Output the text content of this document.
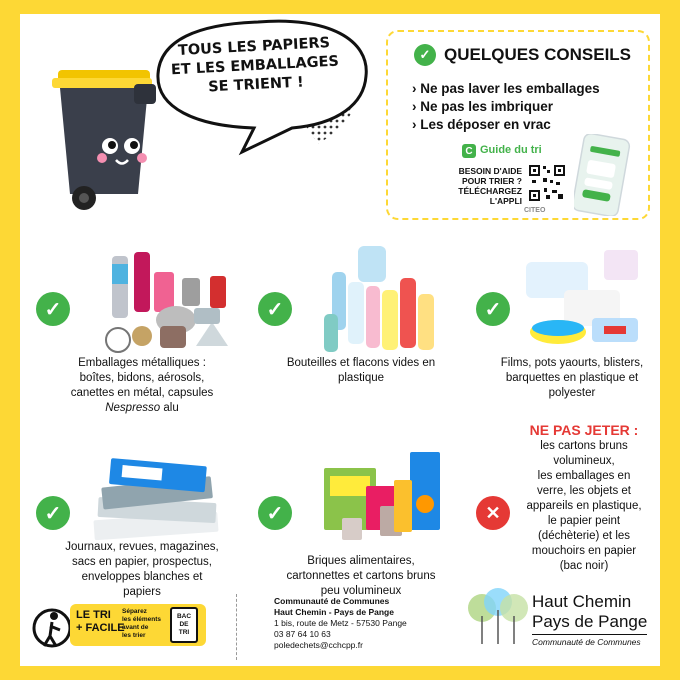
TOUS LES PAPIERS
ET LES EMBALLAGES
SE TRIENT !
✓ QUELQUES CONSEILS
› Ne pas laver les emballages
› Ne pas les imbriquer
› Les déposer en vrac
C Guide du tri
BESOIN D'AIDE
POUR TRIER ?
TÉLÉCHARGEZ L'APPLI
CITEO
✓	✓	✓
Emballages métalliques :
boîtes, bidons, aérosols,
canettes en métal, capsules
Nespresso alu
Bouteilles et flacons vides en
plastique
Films, pots yaourts, blisters,
barquettes en plastique et
polyester
✓	✓	✕
Journaux, revues, magazines,
sacs en papier, prospectus,
enveloppes blanches et
papiers
Briques alimentaires,
cartonnettes et cartons bruns
peu volumineux
NE PAS JETER :
les cartons bruns
volumineux,
les emballages en
verre, les objets et
appareils en plastique,
le papier peint
(déchèterie) et les
mouchoirs en papier
(bac noir)
LE TRI
+ FACILE
Séparez
les éléments
avant de
les trier
BAC
DE
TRI
Communauté de Communes
Haut Chemin - Pays de Pange
1 bis, route de Metz - 57530 Pange
03 87 64 10 63
poledechets@cchcpp.fr
Haut Chemin
Pays de Pange
Communauté de Communes
